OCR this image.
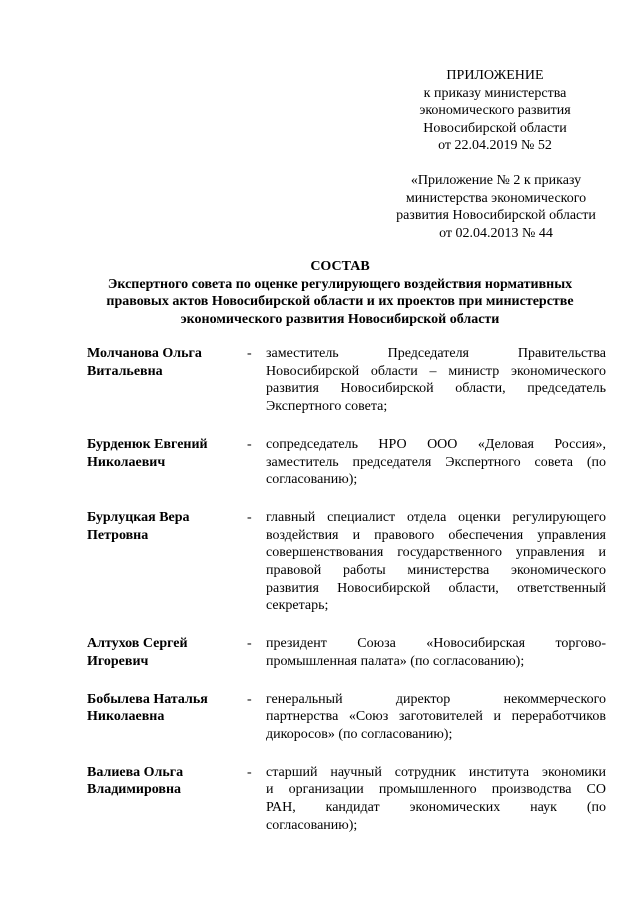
ПРИЛОЖЕНИЕ
к приказу министерства
экономического развития
Новосибирской области
от 22.04.2019 № 52
«Приложение № 2 к приказу
министерства экономического
развития Новосибирской области
от 02.04.2013 № 44
СОСТАВ
Экспертного совета по оценке регулирующего воздействия нормативных
правовых актов Новосибирской области и их проектов при министерстве
экономического развития Новосибирской области
Молчанова Ольга
Витальевна
- заместитель Председателя Правительства
Новосибирской области – министр экономического
развития Новосибирской области, председатель
Экспертного совета;
Бурденюк Евгений
Николаевич
- сопредседатель НРО ООО «Деловая Россия»,
заместитель председателя Экспертного совета (по
согласованию);
Бурлуцкая Вера
Петровна
- главный специалист отдела оценки регулирующего
воздействия и правового обеспечения управления
совершенствования государственного управления и
правовой работы министерства экономического
развития Новосибирской области, ответственный
секретарь;
Алтухов Сергей
Игоревич
- президент Союза «Новосибирская торгово-
промышленная палата» (по согласованию);
Бобылева Наталья
Николаевна
- генеральный директор некоммерческого
партнерства «Союз заготовителей и переработчиков
дикоросов» (по согласованию);
Валиева Ольга
Владимировна
- старший научный сотрудник института экономики
и организации промышленного производства СО
РАН, кандидат экономических наук (по
согласованию);
